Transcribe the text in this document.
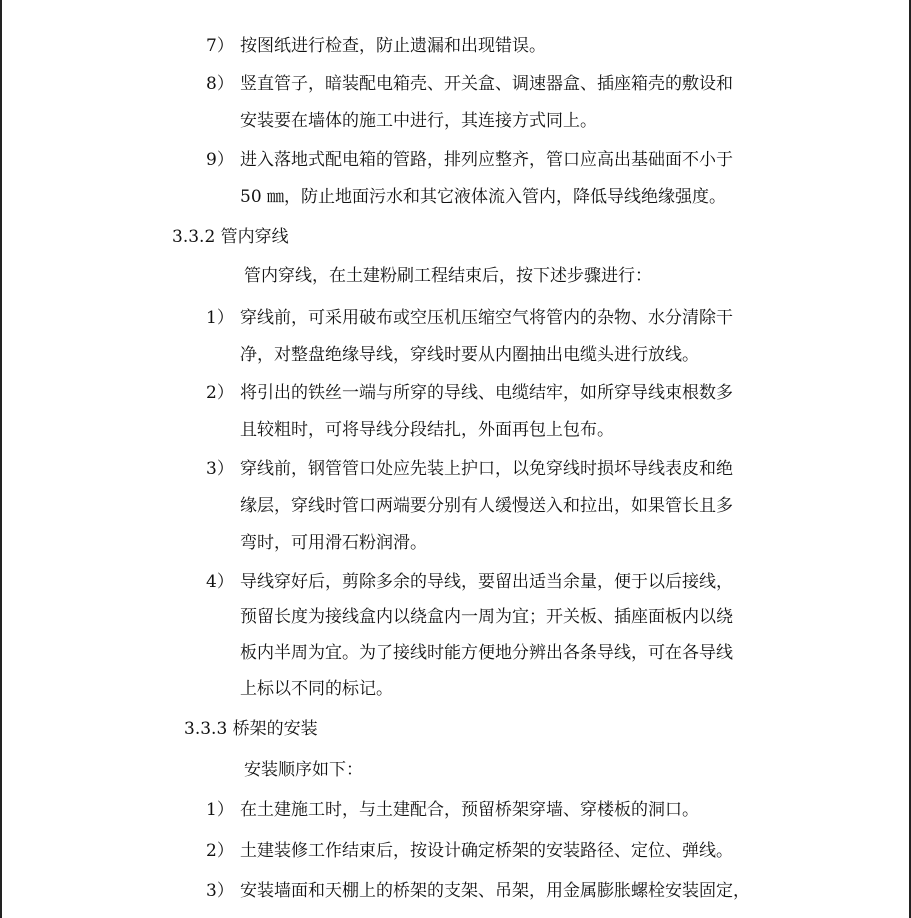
7） 按图纸进行检查，防止遗漏和出现错误。
8） 竖直管子，暗装配电箱壳、开关盒、调速器盒、插座箱壳的敷设和
安装要在墙体的施工中进行，其连接方式同上。
9） 进入落地式配电箱的管路，排列应整齐，管口应高出基础面不小于
50 ㎜，防止地面污水和其它液体流入管内，降低导线绝缘强度。
3.3.2 管内穿线
管内穿线，在土建粉刷工程结束后，按下述步骤进行：
1） 穿线前，可采用破布或空压机压缩空气将管内的杂物、水分清除干
净，对整盘绝缘导线，穿线时要从内圈抽出电缆头进行放线。
2） 将引出的铁丝一端与所穿的导线、电缆结牢，如所穿导线束根数多
且较粗时，可将导线分段结扎，外面再包上包布。
3） 穿线前，钢管管口处应先装上护口，以免穿线时损坏导线表皮和绝
缘层，穿线时管口两端要分别有人缓慢送入和拉出，如果管长且多
弯时，可用滑石粉润滑。
4） 导线穿好后，剪除多余的导线，要留出适当余量，便于以后接线，
预留长度为接线盒内以绕盒内一周为宜；开关板、插座面板内以绕
板内半周为宜。为了接线时能方便地分辨出各条导线，可在各导线
上标以不同的标记。
3.3.3 桥架的安装
安装顺序如下：
1） 在土建施工时，与土建配合，预留桥架穿墙、穿楼板的洞口。
2） 土建装修工作结束后，按设计确定桥架的安装路径、定位、弹线。
3） 安装墙面和天棚上的桥架的支架、吊架，用金属膨胀螺栓安装固定，
